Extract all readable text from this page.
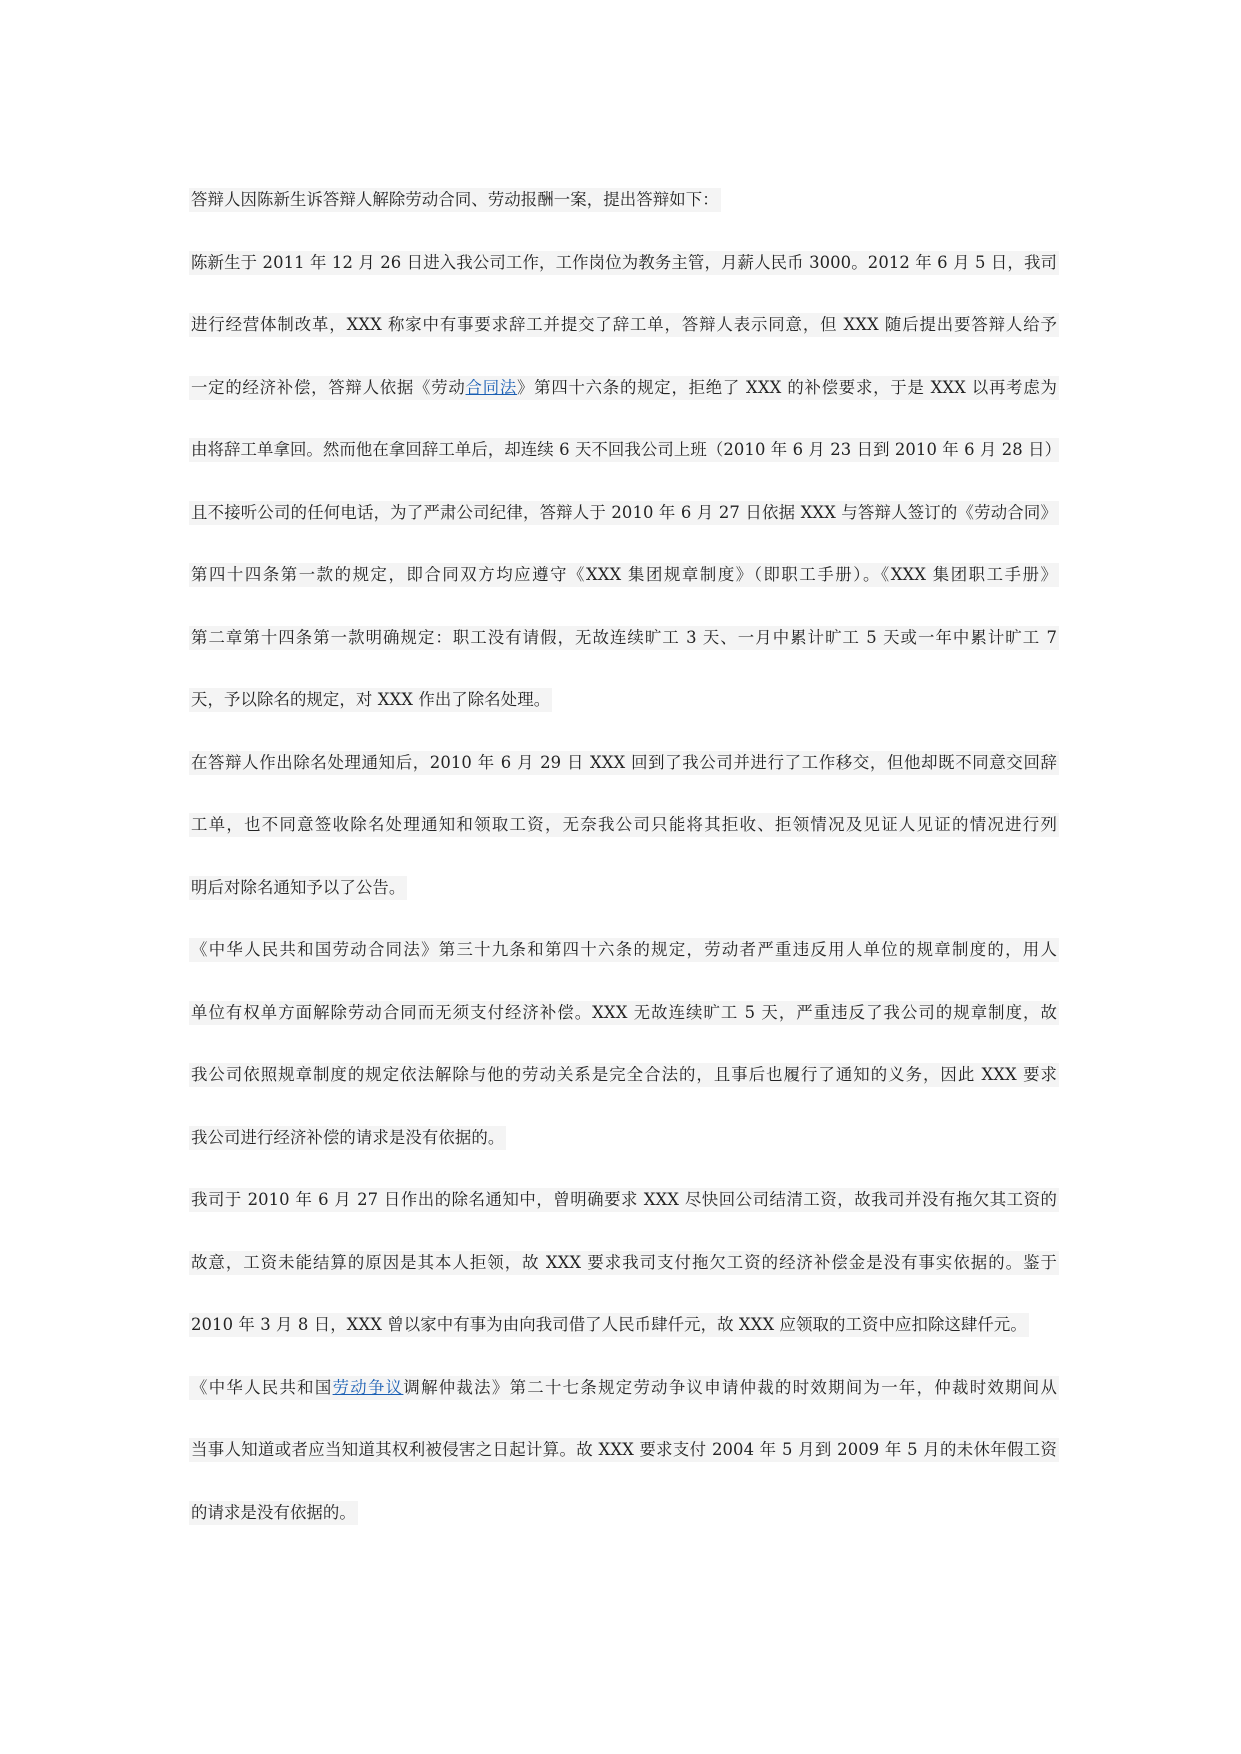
答辩人因陈新生诉答辩人解除劳动合同、劳动报酬一案，提出答辩如下：

陈新生于 2011 年 12 月 26 日进入我公司工作，工作岗位为教务主管，月薪人民币 3000。2012 年 6 月 5 日，我司

进行经营体制改革，XXX 称家中有事要求辞工并提交了辞工单，答辩人表示同意，但 XXX 随后提出要答辩人给予

一定的经济补偿，答辩人依据《劳动合同法》第四十六条的规定，拒绝了 XXX 的补偿要求，于是 XXX 以再考虑为

由将辞工单拿回。然而他在拿回辞工单后，却连续 6 天不回我公司上班（2010 年 6 月 23 日到 2010 年 6 月 28 日）

且不接听公司的任何电话，为了严肃公司纪律，答辩人于 2010 年 6 月 27 日依据 XXX 与答辩人签订的《劳动合同》

第四十四条第一款的规定，即合同双方均应遵守《XXX 集团规章制度》（即职工手册）。《XXX 集团职工手册》

第二章第十四条第一款明确规定：职工没有请假，无故连续旷工 3 天、一月中累计旷工 5 天或一年中累计旷工 7

天，予以除名的规定，对 XXX 作出了除名处理。

在答辩人作出除名处理通知后，2010 年 6 月 29 日 XXX 回到了我公司并进行了工作移交，但他却既不同意交回辞

工单，也不同意签收除名处理通知和领取工资，无奈我公司只能将其拒收、拒领情况及见证人见证的情况进行列

明后对除名通知予以了公告。

《中华人民共和国劳动合同法》第三十九条和第四十六条的规定，劳动者严重违反用人单位的规章制度的，用人

单位有权单方面解除劳动合同而无须支付经济补偿。XXX 无故连续旷工 5 天，严重违反了我公司的规章制度，故

我公司依照规章制度的规定依法解除与他的劳动关系是完全合法的，且事后也履行了通知的义务，因此 XXX 要求

我公司进行经济补偿的请求是没有依据的。

我司于 2010 年 6 月 27 日作出的除名通知中，曾明确要求 XXX 尽快回公司结清工资，故我司并没有拖欠其工资的

故意，工资未能结算的原因是其本人拒领，故 XXX 要求我司支付拖欠工资的经济补偿金是没有事实依据的。鉴于

2010 年 3 月 8 日，XXX 曾以家中有事为由向我司借了人民币肆仟元，故 XXX 应领取的工资中应扣除这肆仟元。

《中华人民共和国劳动争议调解仲裁法》第二十七条规定劳动争议申请仲裁的时效期间为一年，仲裁时效期间从

当事人知道或者应当知道其权利被侵害之日起计算。故 XXX 要求支付 2004 年 5 月到 2009 年 5 月的未休年假工资

的请求是没有依据的。
